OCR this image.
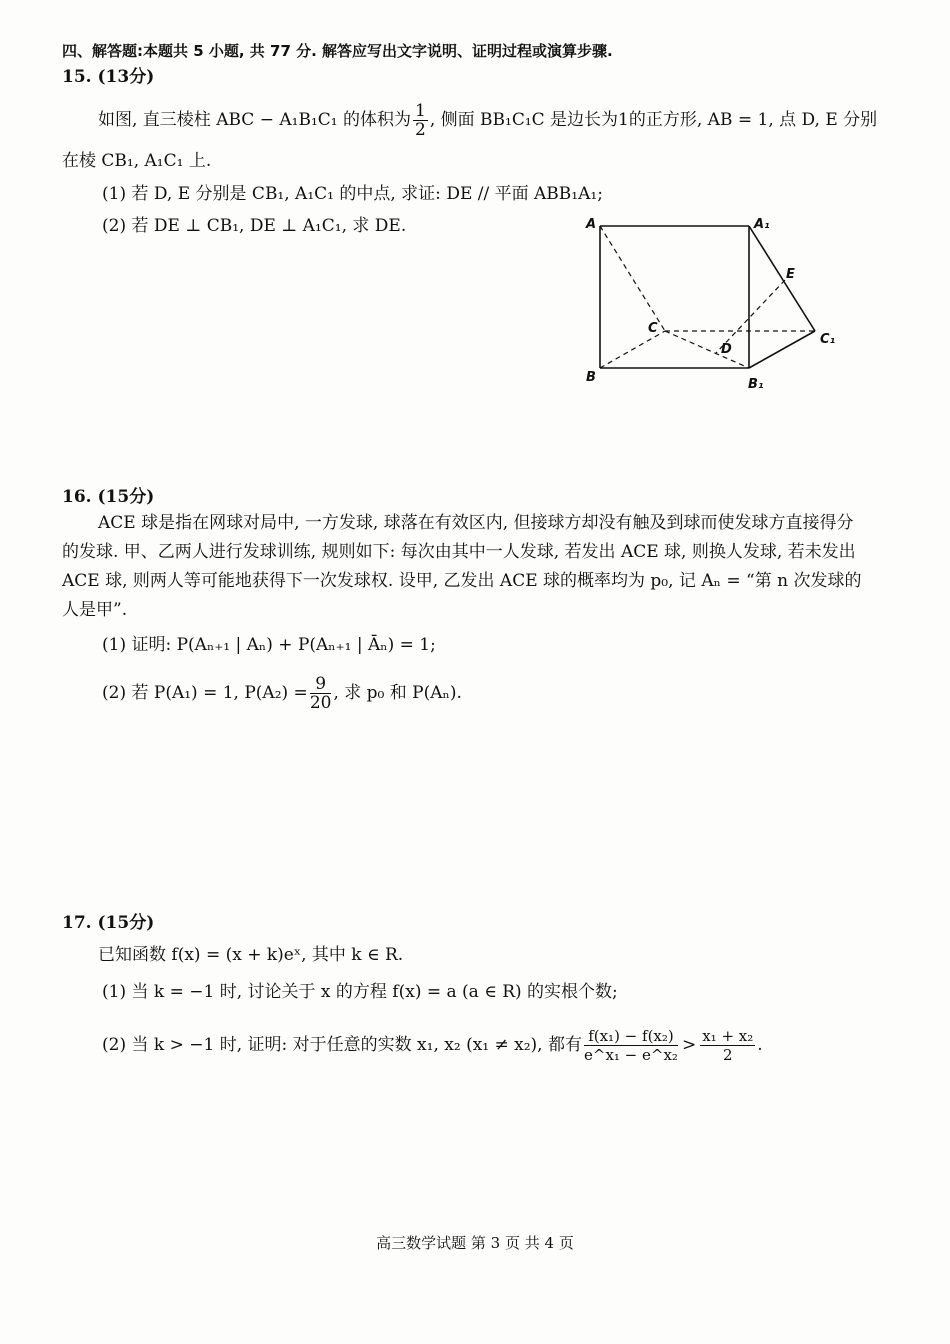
四、解答题:本题共 5 小题, 共 77 分. 解答应写出文字说明、证明过程或演算步骤.
15. (13分)
如图, 直三棱柱 ABC − A₁B₁C₁ 的体积为 $\frac{1}{2}$ , 侧面 BB₁C₁C 是边长为1的正方形, AB = 1, 点 D, E 分别
在棱 CB₁, A₁C₁ 上.
(1) 若 D, E 分别是 CB₁, A₁C₁ 的中点, 求证: DE // 平面 ABB₁A₁;
(2) 若 DE ⊥ CB₁, DE ⊥ A₁C₁, 求 DE.	A	A₁
E
C
C₁
D
B	B₁
16. (15分)
ACE 球是指在网球对局中, 一方发球, 球落在有效区内, 但接球方却没有触及到球而使发球方直接得分
的发球. 甲、乙两人进行发球训练, 规则如下: 每次由其中一人发球, 若发出 ACE 球, 则换人发球, 若未发出
ACE 球, 则两人等可能地获得下一次发球权. 设甲, 乙发出 ACE 球的概率均为 p₀, 记 Aₙ = “第 n 次发球的
人是甲”.
(1) 证明: P(Aₙ₊₁ | Aₙ) + P(Aₙ₊₁ | Āₙ) = 1;
(2) 若 P(A₁) = 1, $P(A_2) = \frac{9}{20}$ , 求 p₀ 和 P(Aₙ).
17. (15分)
已知函数 f(x) = (x + k)eˣ, 其中 k ∈ R.
(1) 当 k = −1 时, 讨论关于 x 的方程 f(x) = a (a ∈ R) 的实根个数;
(2) 当 k > −1 时, 证明: 对于任意的实数 x₁, x₂ (x₁ ≠ x₂), 都有 $\frac{\text{f(x₁) − f(x₂)}}{\text{e\textasciicircum{}x₁ − e\textasciicircum{}x₂}} > \frac{\text{x₁ + x₂}}{2}$ .
高三数学试题 第 3 页 共 4 页
